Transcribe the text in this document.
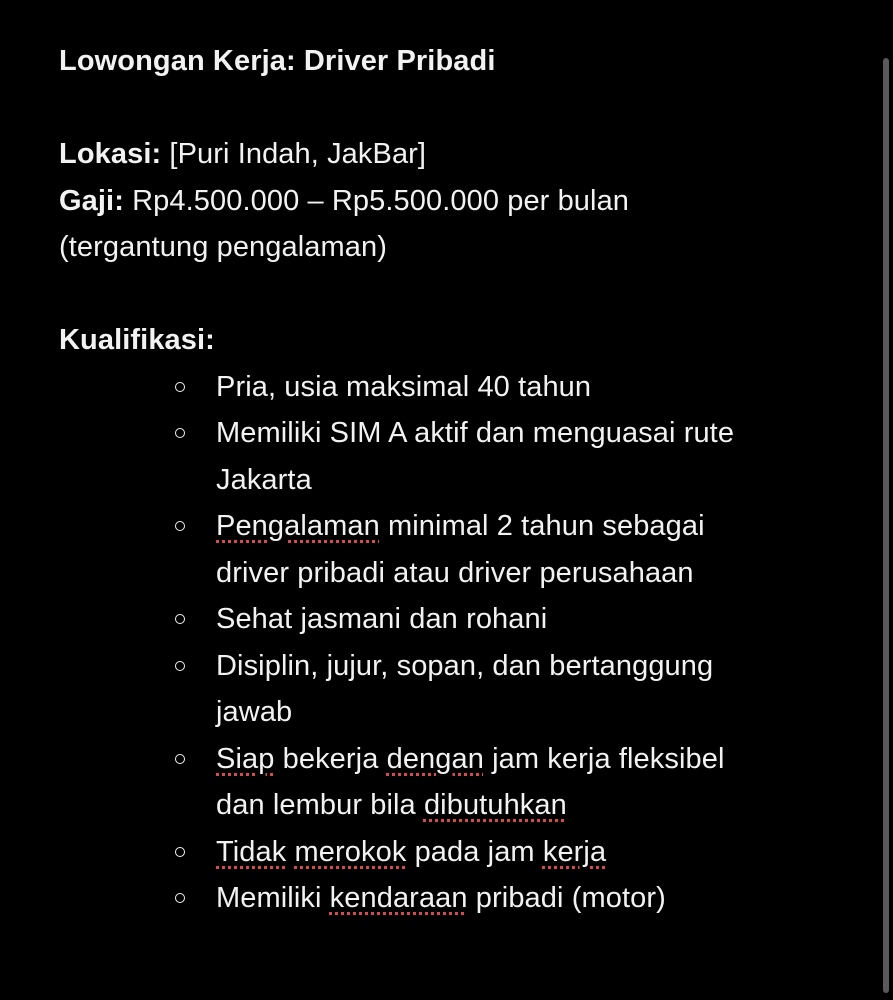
Lowongan Kerja: Driver Pribadi

Lokasi: [Puri Indah, JakBar]

Gaji: Rp4.500.000 – Rp5.500.000 per bulan

(tergantung pengalaman)

Kualifikasi:

Pria, usia maksimal 40 tahun
Memiliki SIM A aktif dan menguasai rute
Jakarta
Pengalaman minimal 2 tahun sebagai
driver pribadi atau driver perusahaan
Sehat jasmani dan rohani
Disiplin, jujur, sopan, dan bertanggung
jawab
Siap bekerja dengan jam kerja fleksibel
dan lembur bila dibutuhkan
Tidak merokok pada jam kerja
Memiliki kendaraan pribadi (motor)
